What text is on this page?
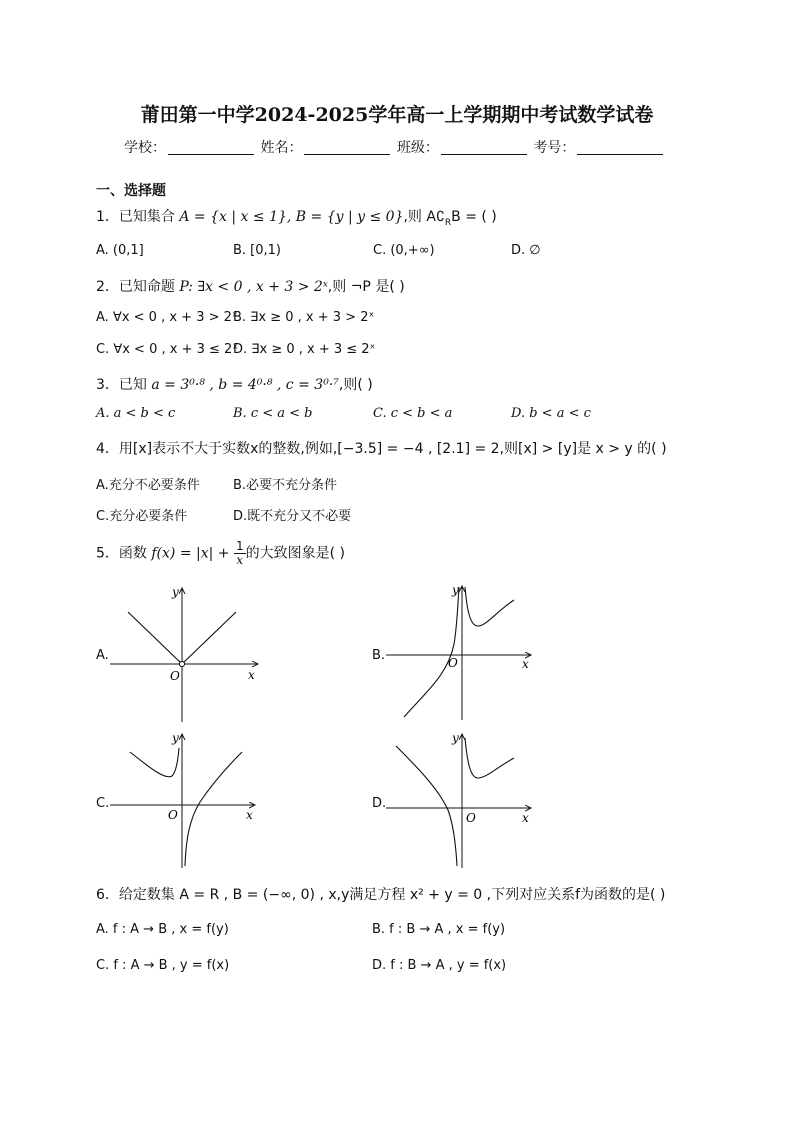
莆田第一中学2024-2025学年高一上学期期中考试数学试卷
学校：	姓名：	班级：	考号：
一、选择题
1．已知集合 A = {x | x ≤ 1}, B = {y | y ≤ 0},则 $A∁_RB$ = ( )
A. (0,1]	B. [0,1)	C. (0,+∞)	D. ∅
2．已知命题 P: ∃x < 0 , x + 3 > 2ˣ,则 ¬P 是( )
A. ∀x < 0 , x + 3 > 2ˣ
B. ∃x ≥ 0 , x + 3 > 2ˣ
C. ∀x < 0 , x + 3 ≤ 2ˣ
D. ∃x ≥ 0 , x + 3 ≤ 2ˣ
3．已知 a = 3⁰·⁸ , b = 4⁰·⁸ , c = 3⁰·⁷,则( )
A. a < b < c	B. c < a < b	C. c < b < a	D. b < a < c
4．用[x]表示不大于实数x的整数,例如,[−3.5] = −4 , [2.1] = 2,则[x] > [y]是 x > y 的( )
A.充分不必要条件	B.必要不充分条件
C.充分必要条件	D.既不充分又不必要
5．函数 $f(x) = |x| + \frac{1}{x}$ 的大致图象是( )
A.
O	x
y
B.	O	x
y
C.
O	x
y
D.
O	x
y
6．给定数集 A = R , B = (−∞, 0) , x,y满足方程 x² + y = 0 ,下列对应关系f为函数的是( )
A. f : A → B , x = f(y)	B. f : B → A , x = f(y)
C. f : A → B , y = f(x)	D. f : B → A , y = f(x)
